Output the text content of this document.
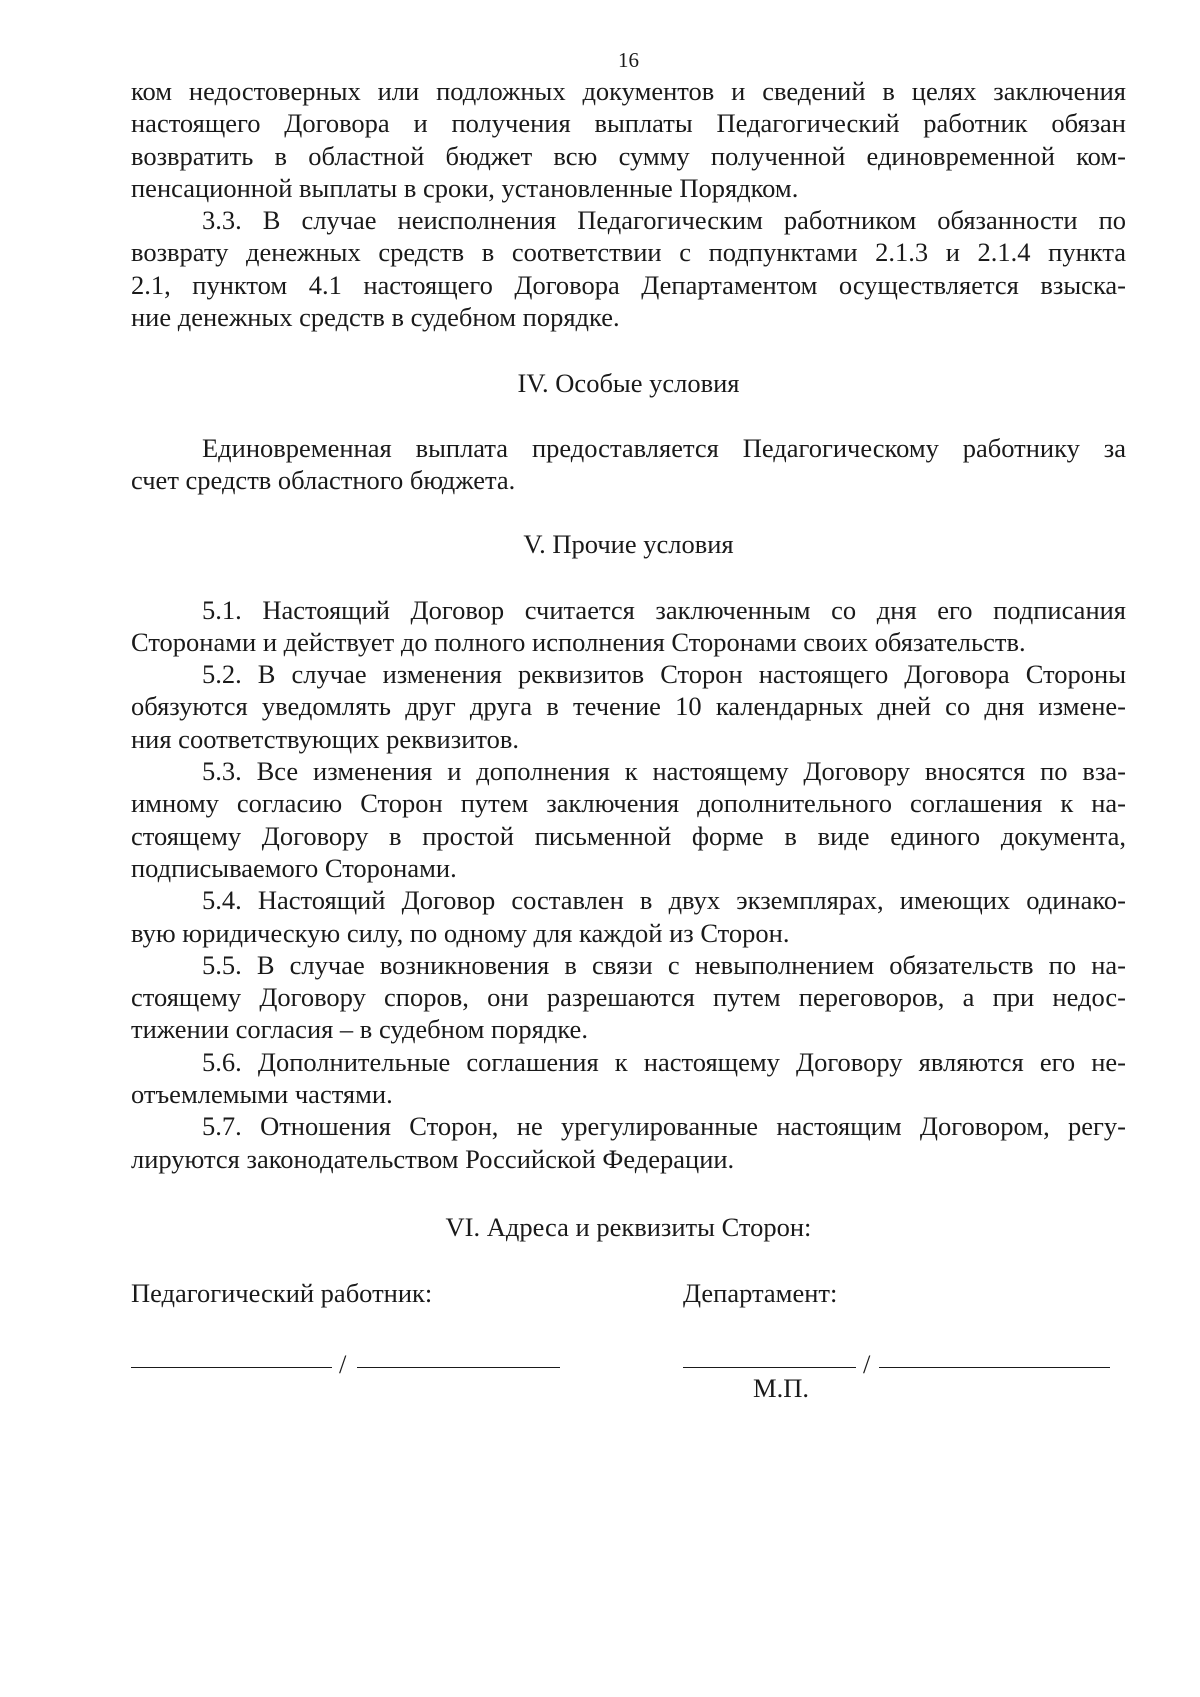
16
ком недостоверных или подложных документов и сведений в целях заключения
настоящего Договора и получения выплаты Педагогический работник обязан
возвратить в областной бюджет всю сумму полученной единовременной ком-
пенсационной выплаты в сроки, установленные Порядком.
3.3. В случае неисполнения Педагогическим работником обязанности по
возврату денежных средств в соответствии с подпунктами 2.1.3 и 2.1.4 пункта
2.1, пунктом 4.1 настоящего Договора Департаментом осуществляется взыска-
ние денежных средств в судебном порядке.
IV. Особые условия
Единовременная выплата предоставляется Педагогическому работнику за
счет средств областного бюджета.
V. Прочие условия
5.1. Настоящий Договор считается заключенным со дня его подписания
Сторонами и действует до полного исполнения Сторонами своих обязательств.
5.2. В случае изменения реквизитов Сторон настоящего Договора Стороны
обязуются уведомлять друг друга в течение 10 календарных дней со дня измене-
ния соответствующих реквизитов.
5.3. Все изменения и дополнения к настоящему Договору вносятся по вза-
имному согласию Сторон путем заключения дополнительного соглашения к на-
стоящему Договору в простой письменной форме в виде единого документа,
подписываемого Сторонами.
5.4. Настоящий Договор составлен в двух экземплярах, имеющих одинако-
вую юридическую силу, по одному для каждой из Сторон.
5.5. В случае возникновения в связи с невыполнением обязательств по на-
стоящему Договору споров, они разрешаются путем переговоров, а при недос-
тижении согласия – в судебном порядке.
5.6. Дополнительные соглашения к настоящему Договору являются его не-
отъемлемыми частями.
5.7. Отношения Сторон, не урегулированные настоящим Договором, регу-
лируются законодательством Российской Федерации.
VI. Адреса и реквизиты Сторон:
Педагогический работник:	Департамент:
/	/
М.П.
